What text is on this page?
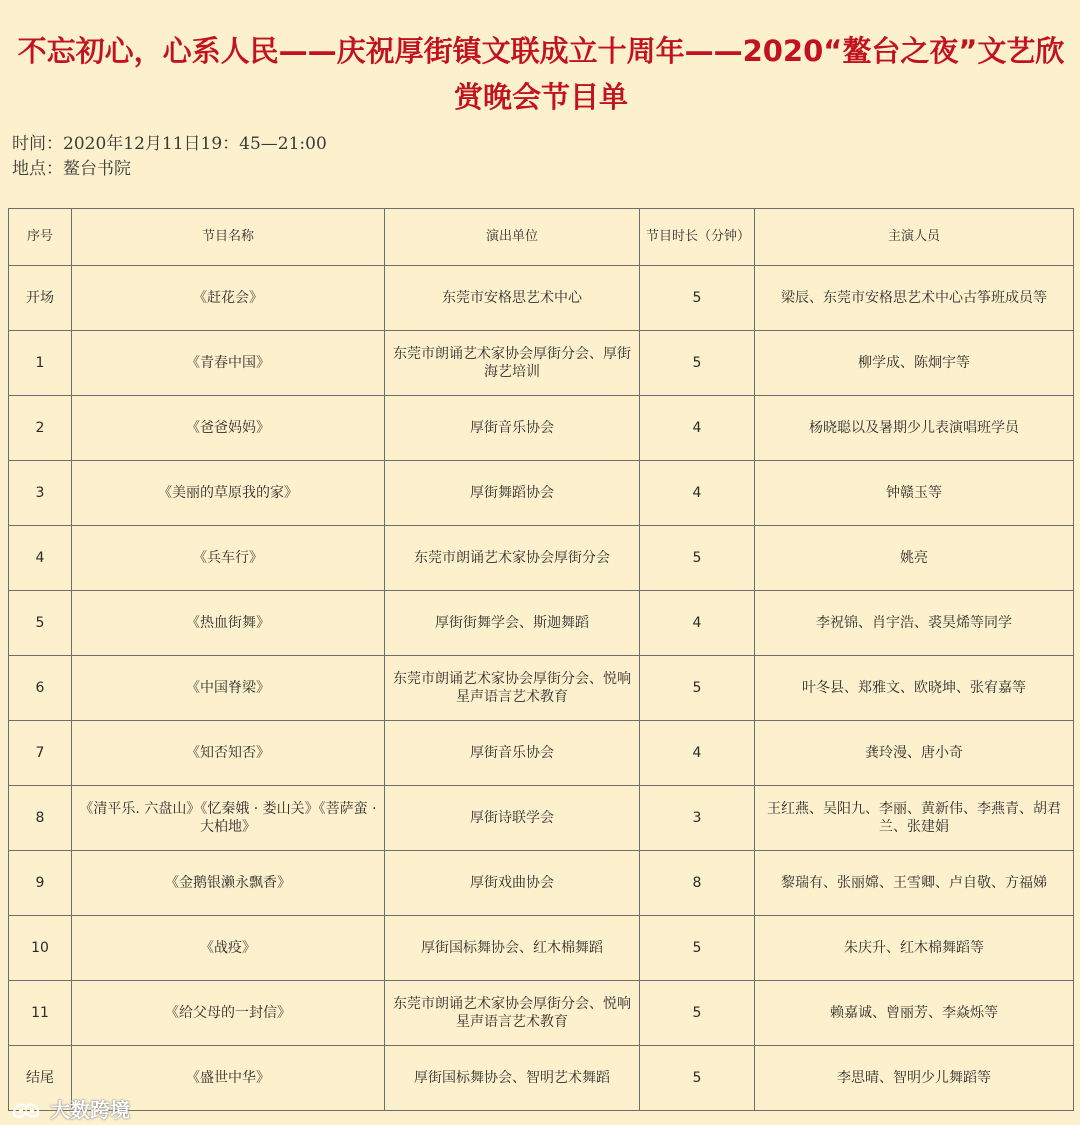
不忘初心，心系人民——庆祝厚街镇文联成立十周年——2020“鳌台之夜”文艺欣赏晚会节目单
时间：2020年12月11日19：45—21:00
地点：鳌台书院
序号	节目名称	演出单位	节目时长（分钟）	主演人员
开场	《赶花会》	东莞市安格思艺术中心	5	梁辰、东莞市安格思艺术中心古筝班成员等
1	《青春中国》	东莞市朗诵艺术家协会厚街分会、厚街海艺培训	5	柳学成、陈炯宇等
2	《爸爸妈妈》	厚街音乐协会	4	杨晓聪以及暑期少儿表演唱班学员
3	《美丽的草原我的家》	厚街舞蹈协会	4	钟赣玉等
4	《兵车行》	东莞市朗诵艺术家协会厚街分会	5	姚亮
5	《热血街舞》	厚街街舞学会、斯迦舞蹈	4	李祝锦、肖宇浩、裘昊烯等同学
6	《中国脊梁》	东莞市朗诵艺术家协会厚街分会、悦响星声语言艺术教育	5	叶冬县、郑雅文、欧晓坤、张宥嘉等
7	《知否知否》	厚街音乐协会	4	龚玲漫、唐小奇
8	《清平乐. 六盘山》《忆秦娥 · 娄山关》《菩萨蛮 · 大柏地》	厚街诗联学会	3	王红燕、吴阳九、李丽、黄新伟、李燕青、胡君兰、张建娟
9	《金鹅银濑永飘香》	厚街戏曲协会	8	黎瑞有、张丽嫦、王雪卿、卢自敬、方福娣
10	《战疫》	厚街国标舞协会、红木棉舞蹈	5	朱庆升、红木棉舞蹈等
11	《给父母的一封信》	东莞市朗诵艺术家协会厚街分会、悦响星声语言艺术教育	5	赖嘉诚、曾丽芳、李焱烁等
结尾	《盛世中华》	厚街国标舞协会、智明艺术舞蹈	5	李思晴、智明少儿舞蹈等
大数跨境
